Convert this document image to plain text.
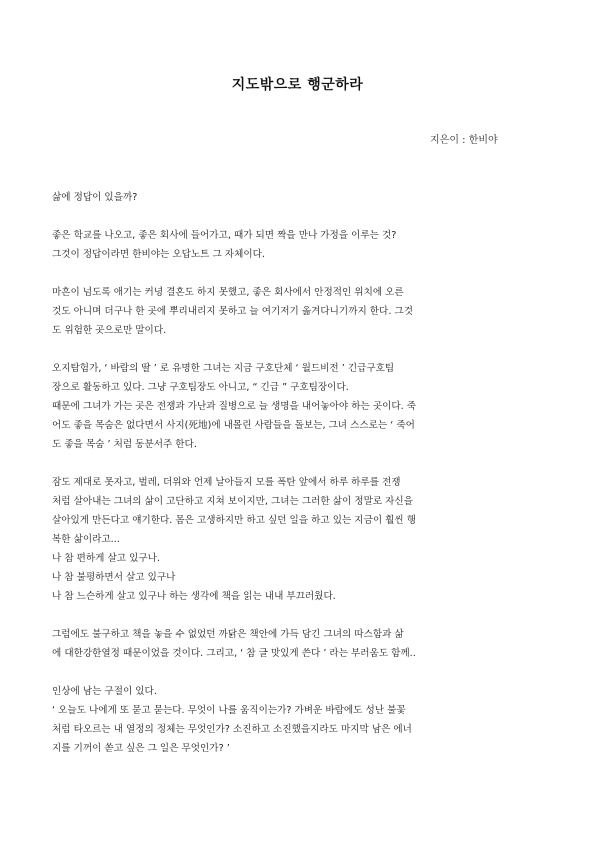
지도밖으로 행군하라
지은이 : 한비야
삶에 정답이 있을까?
좋은 학교를 나오고, 좋은 회사에 들어가고, 때가 되면 짝을 만나 가정을 이루는 것?
그것이 정답이라면 한비야는 오답노트 그 자체이다.
마흔이 넘도록 애기는 커녕 결혼도 하지 못했고, 좋은 회사에서 안정적인 위치에 오른
것도 아니며 더구나 한 곳에 뿌리내리지 못하고 늘 여기저기 옮겨다니기까지 한다. 그것
도 위험한 곳으로만 말이다.
오지탐험가, ‘ 바람의 딸 ’ 로 유명한 그녀는 지금 구호단체 ‘ 월드비전 ’ 긴급구호팀
장으로 활동하고 있다. 그냥 구호팀장도 아니고, “ 긴급 ” 구호팀장이다.
때문에 그녀가 가는 곳은 전쟁과 가난과 질병으로 늘 생명을 내어놓아야 하는 곳이다. 죽
어도 좋을 목숨은 없다면서 사지(死地)에 내몰린 사람들을 돌보는, 그녀 스스로는 ‘ 죽어
도 좋을 목숨 ’ 처럼 동분서주 한다.
잠도 제대로 못자고, 벌레, 더위와 언제 날아들지 모를 폭탄 앞에서 하루 하루를 전쟁
처럼 살아내는 그녀의 삶이 고단하고 지쳐 보이지만, 그녀는 그러한 삶이 정말로 자신을
살아있게 만든다고 얘기한다. 몸은 고생하지만 하고 싶던 일을 하고 있는 지금이 훨씬 행
복한 삶이라고...
나 참 편하게 살고 있구나.
나 참 불평하면서 살고 있구나
나 참 느슨하게 살고 있구나 하는 생각에 책을 읽는 내내 부끄러웠다.
그럼에도 불구하고 책을 놓을 수 없었던 까닭은 책안에 가득 담긴 그녀의 따스함과 삶
에 대한강한열정 때문이었을 것이다. 그리고, ‘ 참 글 맛있게 쓴다 ’ 라는 부러움도 함께..
인상에 남는 구절이 있다.
‘ 오늘도 나에게 또 묻고 묻는다. 무엇이 나를 움직이는가? 가벼운 바람에도 성난 불꽃
처럼 타오르는 내 열정의 정체는 무엇인가? 소진하고 소진했을지라도 마지막 남은 에너
지를 기꺼이 쏟고 싶은 그 일은 무엇인가? ’
